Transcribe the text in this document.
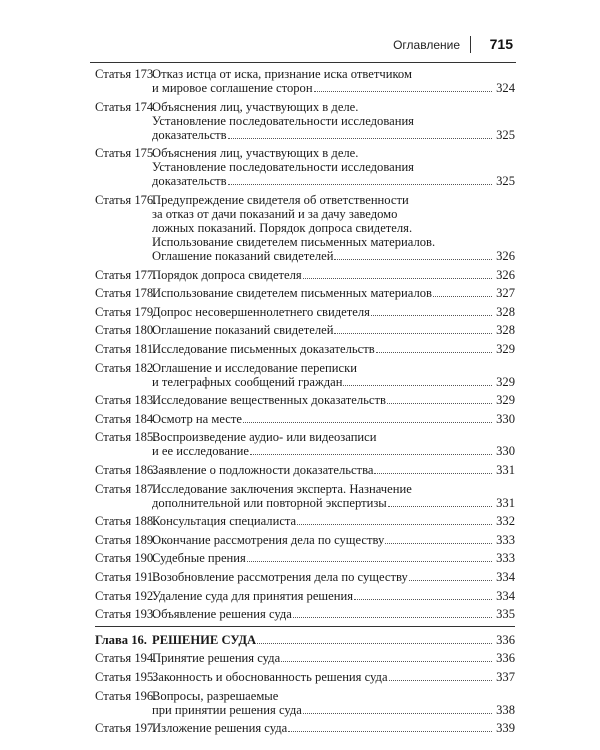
Оглавление 715
Статья 173.
Отказ истца от иска, признание иска ответчиком
и мировое соглашение сторон	324
Статья 174.
Объяснения лиц, участвующих в деле.
Установление последовательности исследования
доказательств	325
Статья 175.
Объяснения лиц, участвующих в деле.
Установление последовательности исследования
доказательств	325
Статья 176.
Предупреждение свидетеля об ответственности
за отказ от дачи показаний и за дачу заведомо
ложных показаний. Порядок допроса свидетеля.
Использование свидетелем письменных материалов.
Оглашение показаний свидетелей	326
Статья 177.
Порядок допроса свидетеля	326
Статья 178.
Использование свидетелем письменных материалов	327
Статья 179.
Допрос несовершеннолетнего свидетеля	328
Статья 180.
Оглашение показаний свидетелей	328
Статья 181.
Исследование письменных доказательств	329
Статья 182.
Оглашение и исследование переписки
и телеграфных сообщений граждан	329
Статья 183.
Исследование вещественных доказательств	329
Статья 184.
Осмотр на месте	330
Статья 185.
Воспроизведение аудио- или видеозаписи
и ее исследование	330
Статья 186.
Заявление о подложности доказательства	331
Статья 187.
Исследование заключения эксперта. Назначение
дополнительной или повторной экспертизы	331
Статья 188.
Консультация специалиста	332
Статья 189.
Окончание рассмотрения дела по существу	333
Статья 190.
Судебные прения	333
Статья 191.
Возобновление рассмотрения дела по существу	334
Статья 192.
Удаление суда для принятия решения	334
Статья 193.
Объявление решения суда	335
Глава 16. РЕШЕНИЕ СУДА	336
Статья 194.
Принятие решения суда	336
Статья 195.
Законность и обоснованность решения суда	337
Статья 196.
Вопросы, разрешаемые
при принятии решения суда	338
Статья 197.
Изложение решения суда	339
